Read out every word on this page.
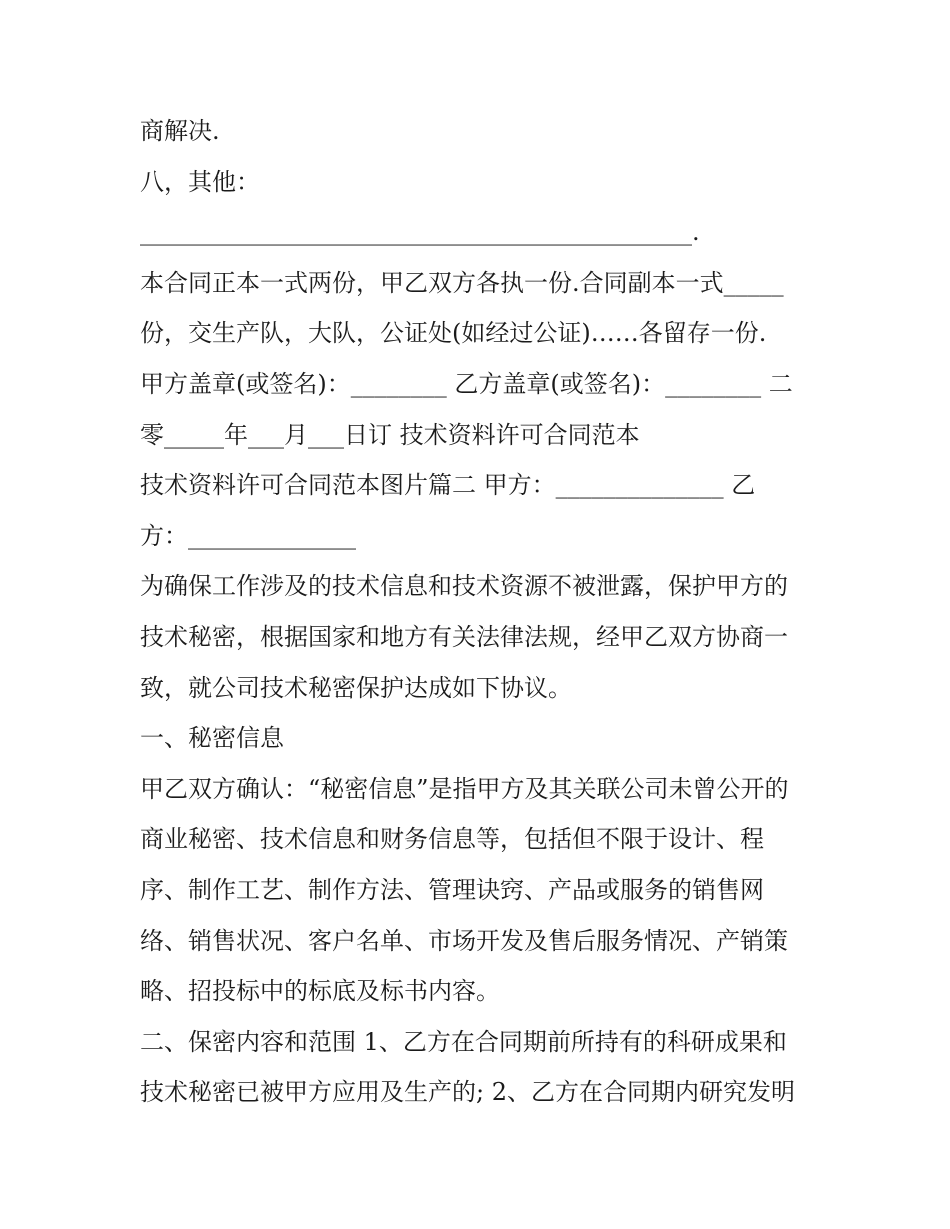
商解决.
八，其他：
______________________________________________.
本合同正本一式两份，甲乙双方各执一份.合同副本一式_____
份，交生产队，大队，公证处(如经过公证)……各留存一份.
甲方盖章(或签名)：________ 乙方盖章(或签名)：________ 二
零_____年___月___日订 技术资料许可合同范本
技术资料许可合同范本图片篇二 甲方：______________ 乙
方：______________
为确保工作涉及的技术信息和技术资源不被泄露，保护甲方的
技术秘密，根据国家和地方有关法律法规，经甲乙双方协商一
致，就公司技术秘密保护达成如下协议。
一、秘密信息
甲乙双方确认：“秘密信息”是指甲方及其关联公司未曾公开的
商业秘密、技术信息和财务信息等，包括但不限于设计、程
序、制作工艺、制作方法、管理诀窍、产品或服务的销售网
络、销售状况、客户名单、市场开发及售后服务情况、产销策
略、招投标中的标底及标书内容。
二、保密内容和范围 1、乙方在合同期前所持有的科研成果和
技术秘密已被甲方应用及生产的; 2、乙方在合同期内研究发明
